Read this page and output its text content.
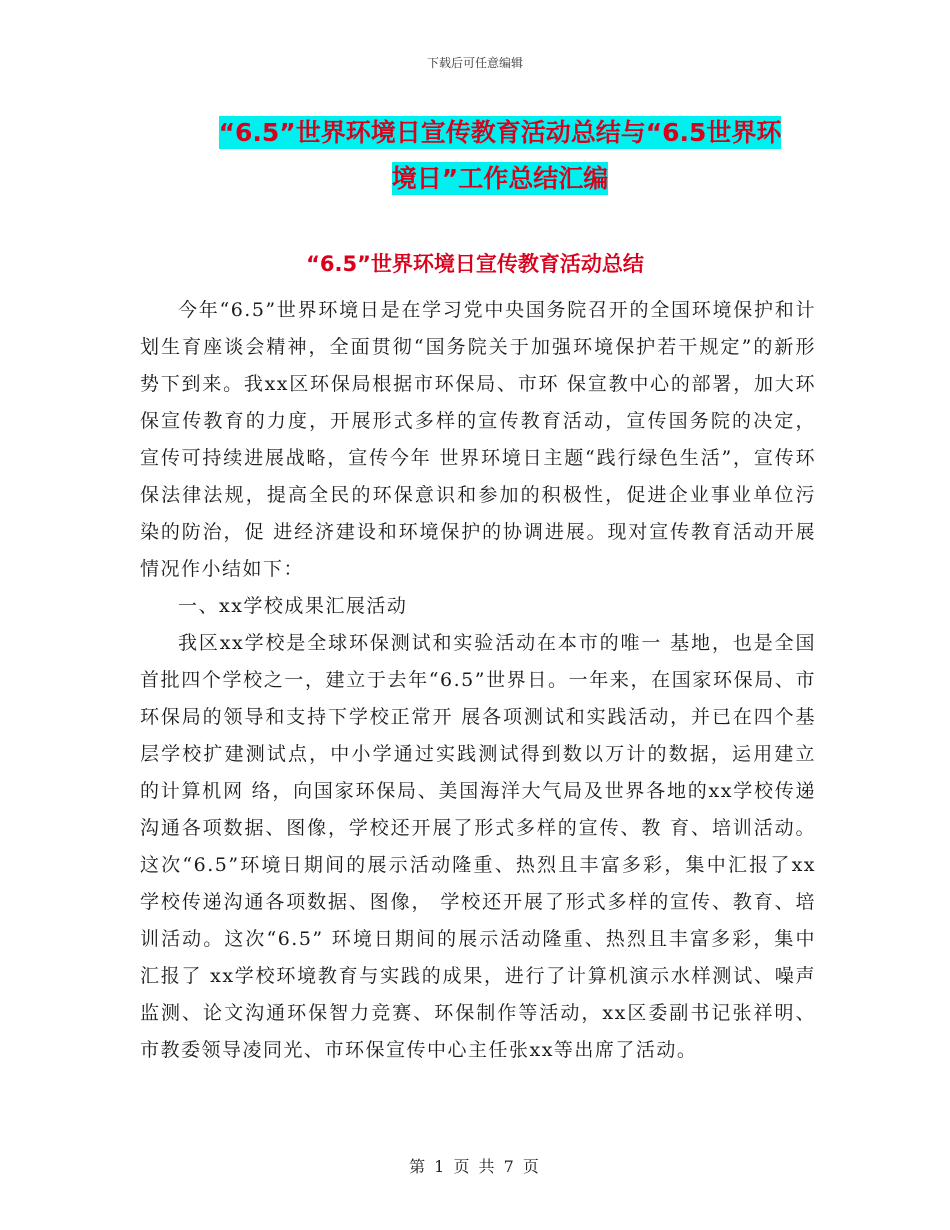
下载后可任意编辑
“6.5”世界环境日宣传教育活动总结与“6.5世界环
境日”工作总结汇编
“6.5”世界环境日宣传教育活动总结

今年“6.5”世界环境日是在学习党中央国务院召开的全国环境保护和计划生育座谈会精神，全面贯彻“国务院关于加强环境保护若干规定”的新形势下到来。我xx区环保局根据市环保局、市环 保宣教中心的部署，加大环保宣传教育的力度，开展形式多样的宣传教育活动，宣传国务院的决定，宣传可持续进展战略，宣传今年 世界环境日主题“践行绿色生活”，宣传环保法律法规，提高全民的环保意识和参加的积极性，促进企业事业单位污染的防治，促 进经济建设和环境保护的协调进展。现对宣传教育活动开展情况作小结如下：

一、xx学校成果汇展活动

我区xx学校是全球环保测试和实验活动在本市的唯一 基地，也是全国首批四个学校之一，建立于去年“6.5”世界日。一年来，在国家环保局、市环保局的领导和支持下学校正常开 展各项测试和实践活动，并已在四个基层学校扩建测试点，中小学通过实践测试得到数以万计的数据，运用建立的计算机网 络，向国家环保局、美国海洋大气局及世界各地的xx学校传递沟通各项数据、图像，学校还开展了形式多样的宣传、教 育、培训活动。这次“6.5”环境日期间的展示活动隆重、热烈且丰富多彩，集中汇报了xx学校传递沟通各项数据、图像， 学校还开展了形式多样的宣传、教育、培训活动。这次“6.5” 环境日期间的展示活动隆重、热烈且丰富多彩，集中汇报了 xx学校环境教育与实践的成果，进行了计算机演示水样测试、噪声监测、论文沟通环保智力竞赛、环保制作等活动，xx区委副书记张祥明、市教委领导凌同光、市环保宣传中心主任张xx等出席了活动。

第 1 页 共 7 页
